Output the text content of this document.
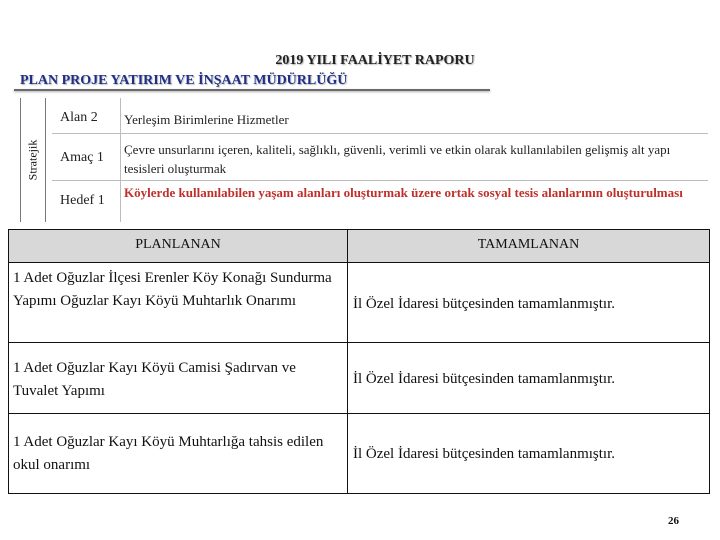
2019 YILI FAALİYET RAPORU
PLAN PROJE YATIRIM VE İNŞAAT MÜDÜRLÜĞÜ
Stratejik
Alan 2 Yerleşim Birimlerine Hizmetler
Amaç 1
Çevre unsurlarını içeren, kaliteli, sağlıklı, güvenli, verimli ve etkin olarak kullanılabilen gelişmiş alt yapı tesisleri oluşturmak
Hedef 1
Köylerde kullanılabilen yaşam alanları oluşturmak üzere ortak sosyal tesis alanlarının oluşturulması
PLANLANAN	TAMAMLANAN
1 Adet Oğuzlar İlçesi Erenler Köy Konağı Sundurma Yapımı Oğuzlar Kayı Köyü Muhtarlık Onarımı	İl Özel İdaresi bütçesinden tamamlanmıştır.
1 Adet Oğuzlar Kayı Köyü Camisi Şadırvan ve Tuvalet Yapımı
İl Özel İdaresi bütçesinden tamamlanmıştır.
1 Adet Oğuzlar Kayı Köyü Muhtarlığa tahsis edilen okul onarımı
İl Özel İdaresi bütçesinden tamamlanmıştır.
26
